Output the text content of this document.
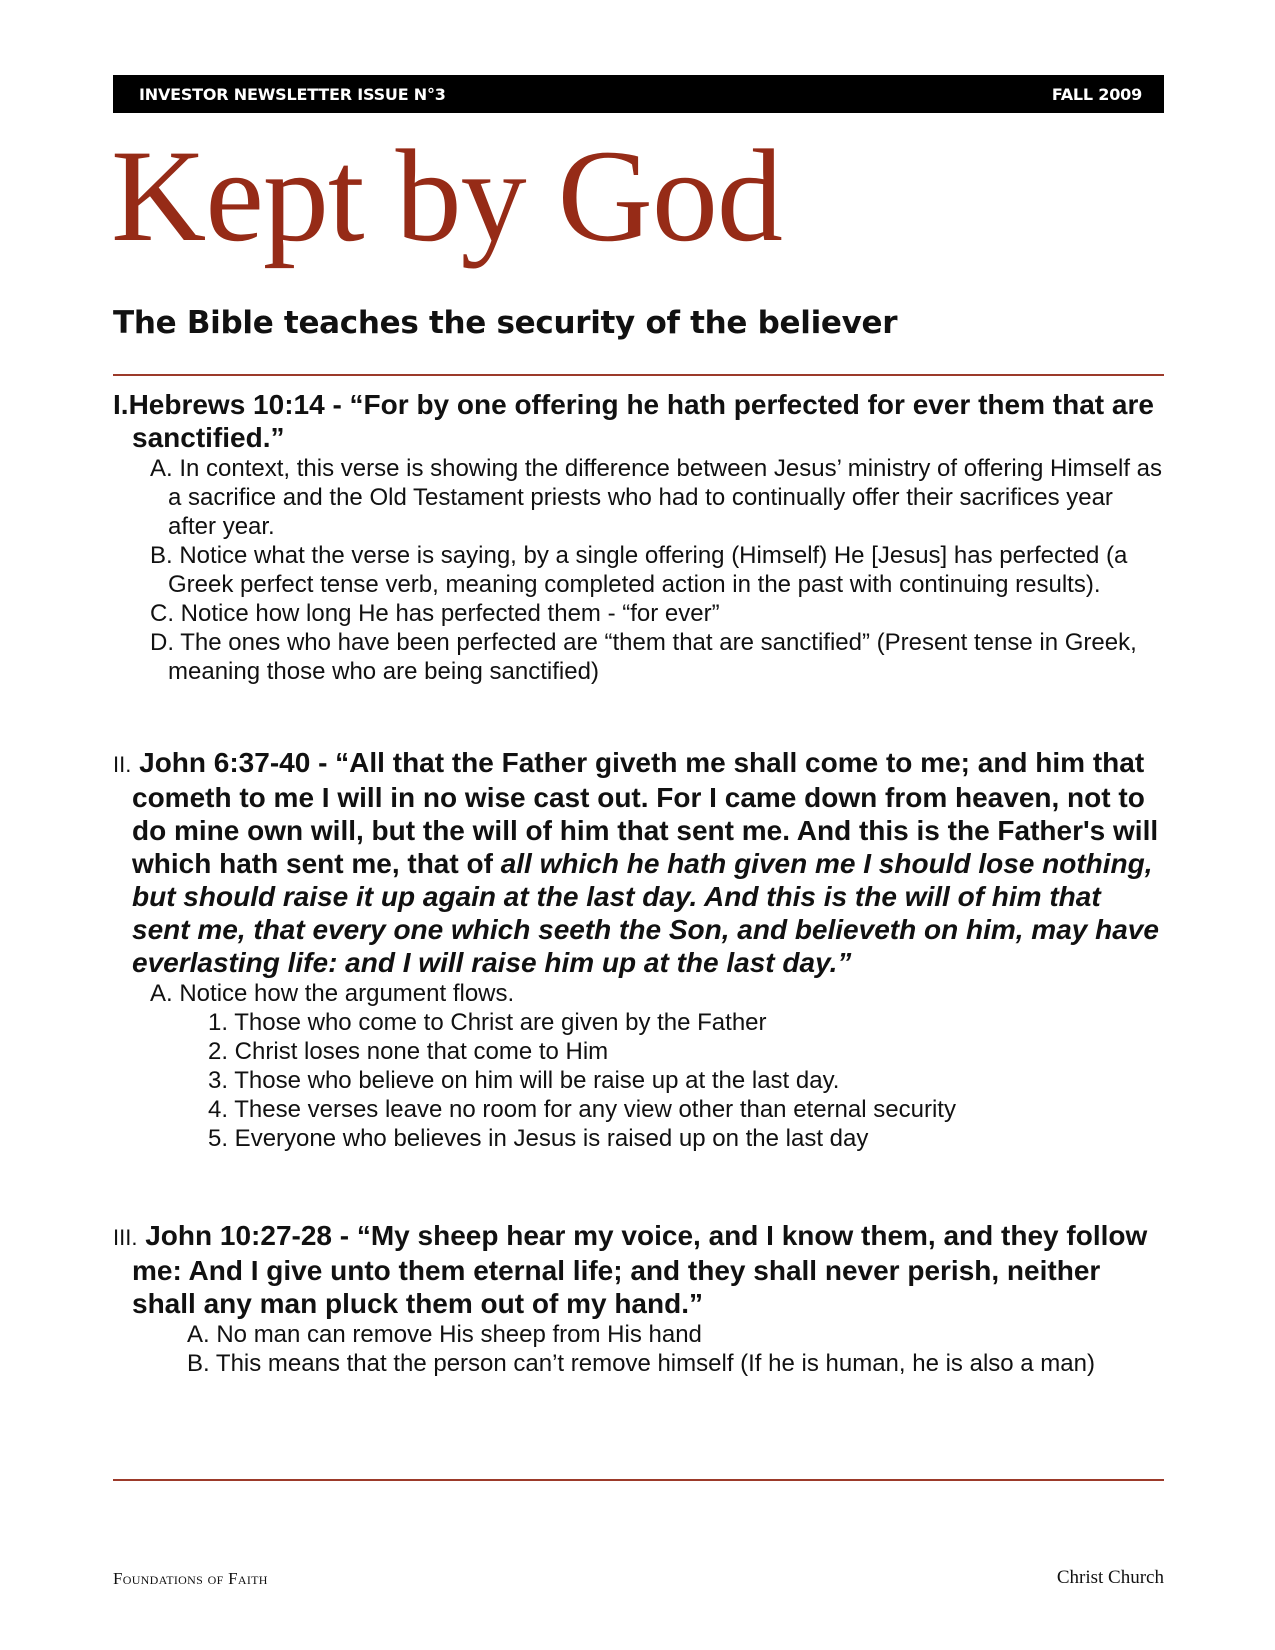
INVESTOR NEWSLETTER ISSUE N°3	FALL 2009
Kept by God
The Bible teaches the security of the believer

I.Hebrews 10:14 - “For by one offering he hath perfected for ever them that are sanctified.”

A. In context, this verse is showing the difference between Jesus’ ministry of offering Himself as a sacrifice and the Old Testament priests who had to continually offer their sacrifices year after year.

B. Notice what the verse is saying, by a single offering (Himself) He [Jesus] has perfected (a Greek perfect tense verb, meaning completed action in the past with continuing results).

C. Notice how long He has perfected them - “for ever”

D. The ones who have been perfected are “them that are sanctified” (Present tense in Greek, meaning those who are being sanctified)

II. John 6:37-40 - “All that the Father giveth me shall come to me; and him that cometh to me I will in no wise cast out. For I came down from heaven, not to do mine own will, but the will of him that sent me. And this is the Father's will which hath sent me, that of all which he hath given me I should lose nothing, but should raise it up again at the last day. And this is the will of him that sent me, that every one which seeth the Son, and believeth on him, may have everlasting life: and I will raise him up at the last day.”

A. Notice how the argument flows.

1. Those who come to Christ are given by the Father

2. Christ loses none that come to Him

3. Those who believe on him will be raise up at the last day.

4. These verses leave no room for any view other than eternal security

5. Everyone who believes in Jesus is raised up on the last day

III. John 10:27-28 - “My sheep hear my voice, and I know them, and they follow me: And I give unto them eternal life; and they shall never perish, neither shall any man pluck them out of my hand.”

A. No man can remove His sheep from His hand

B. This means that the person can’t remove himself (If he is human, he is also a man)

Foundations of Faith	Christ Church
